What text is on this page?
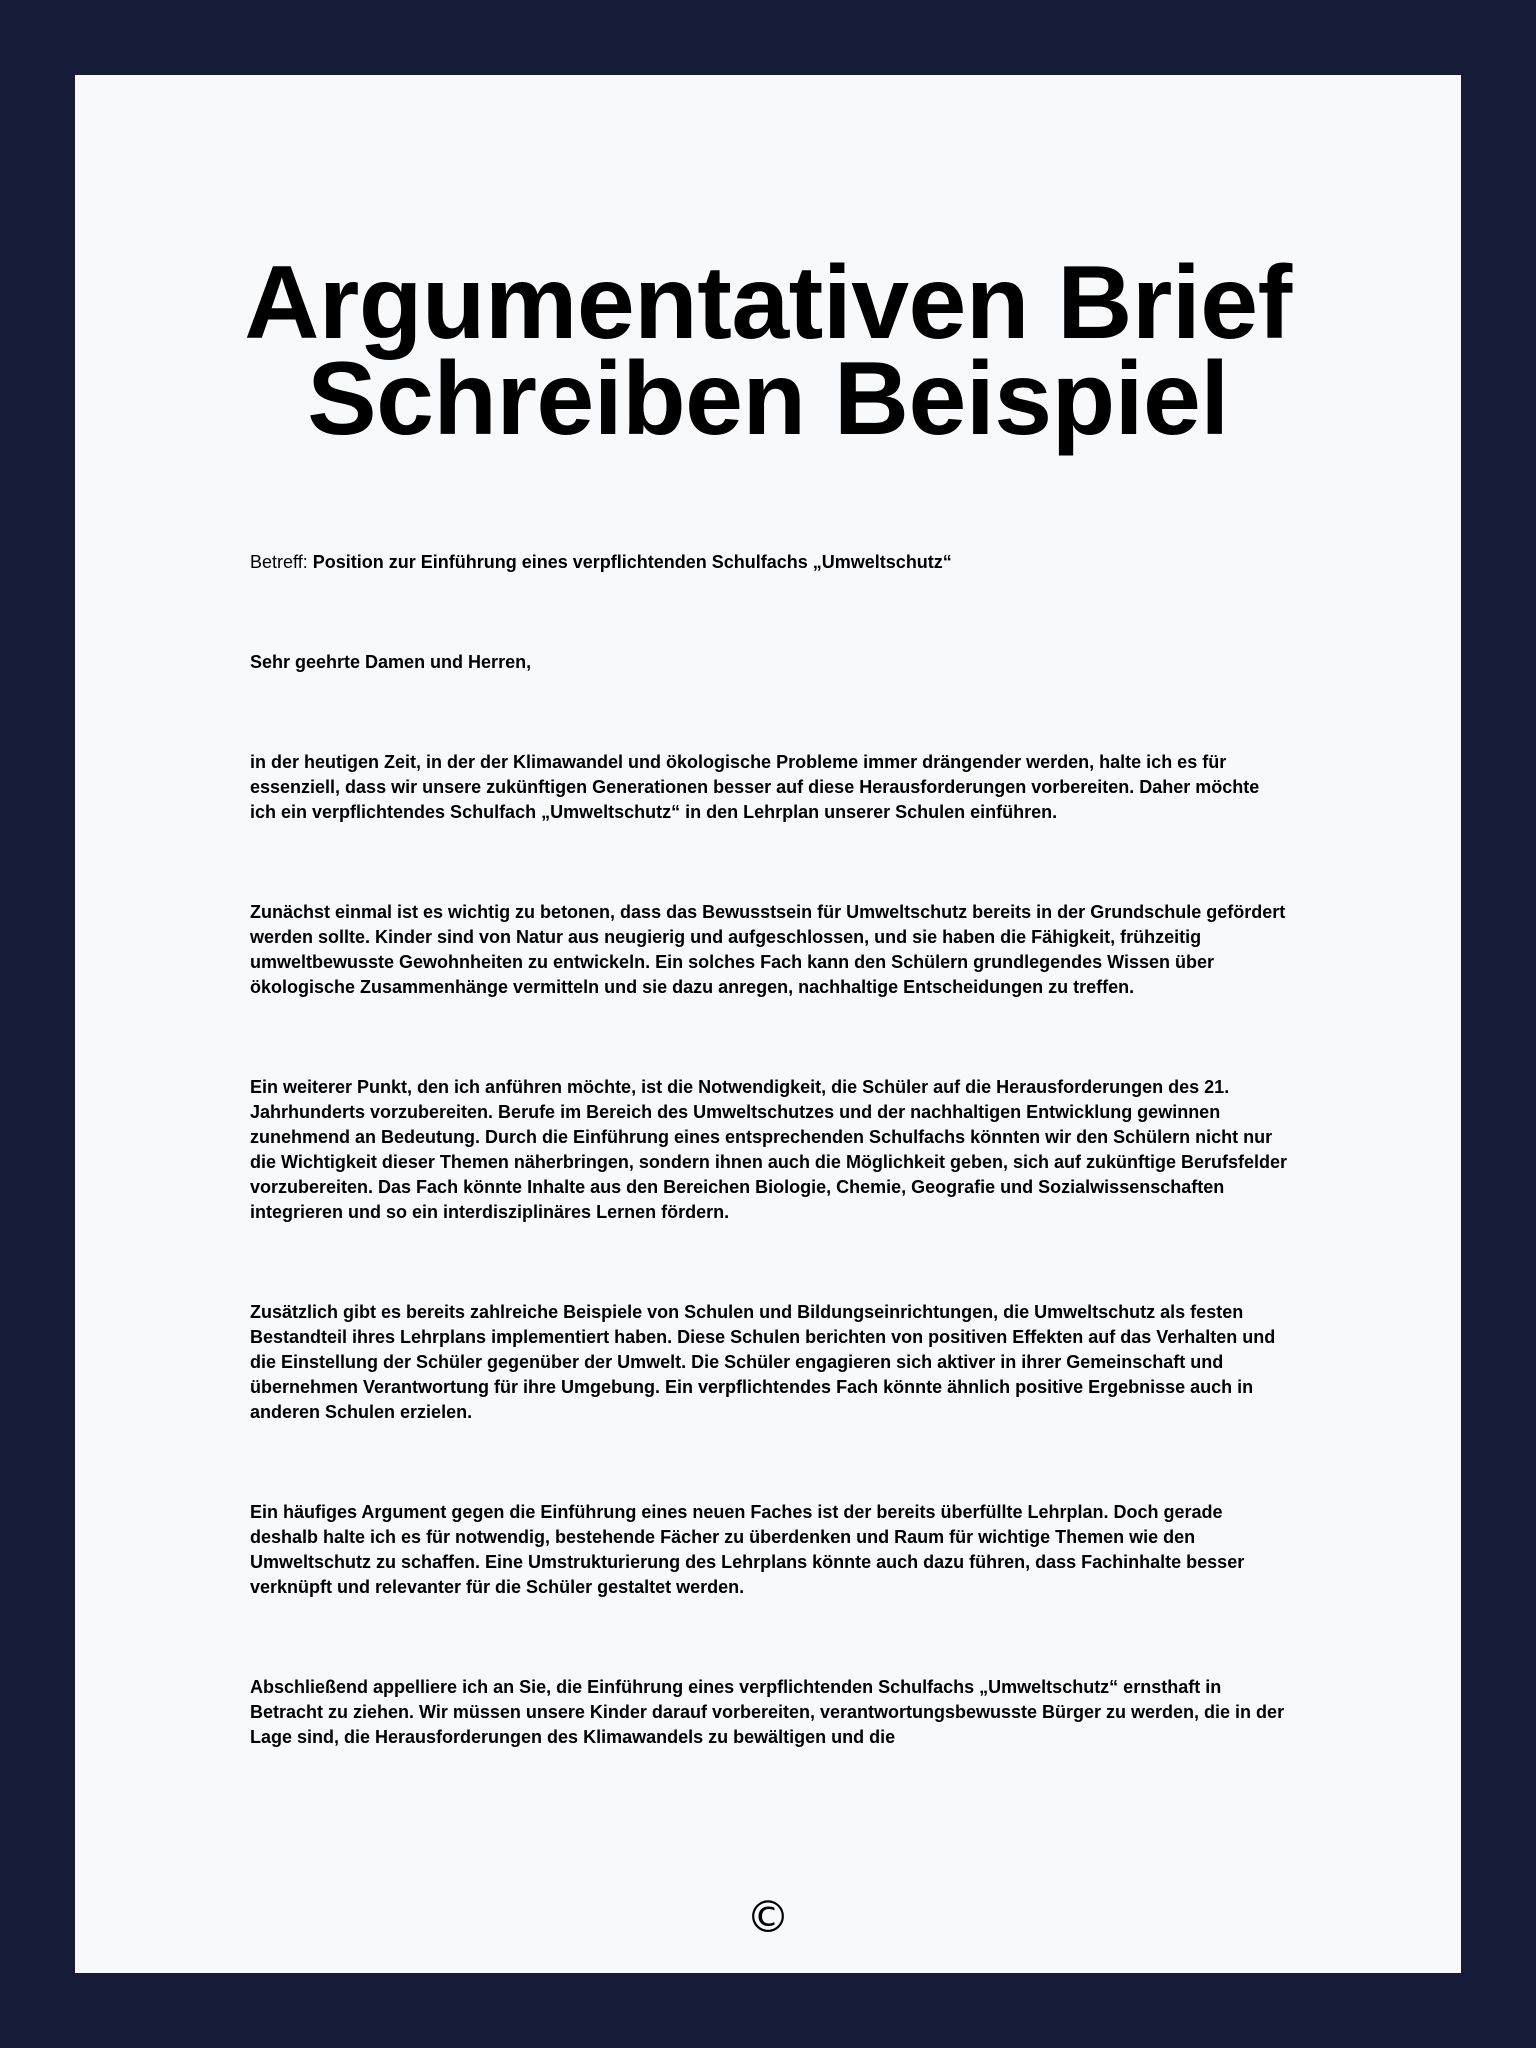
Argumentativen Brief
Schreiben Beispiel

Betreff: Position zur Einführung eines verpflichtenden Schulfachs „Umweltschutz“

Sehr geehrte Damen und Herren,

in der heutigen Zeit, in der der Klimawandel und ökologische Probleme immer drängender werden, halte ich es für essenziell, dass wir unsere zukünftigen Generationen besser auf diese Herausforderungen vorbereiten. Daher möchte ich ein verpflichtendes Schulfach „Umweltschutz“ in den Lehrplan unserer Schulen einführen.

Zunächst einmal ist es wichtig zu betonen, dass das Bewusstsein für Umweltschutz bereits in der Grundschule gefördert werden sollte. Kinder sind von Natur aus neugierig und aufgeschlossen, und sie haben die Fähigkeit, frühzeitig umweltbewusste Gewohnheiten zu entwickeln. Ein solches Fach kann den Schülern grundlegendes Wissen über ökologische Zusammenhänge vermitteln und sie dazu anregen, nachhaltige Entscheidungen zu treffen.

Ein weiterer Punkt, den ich anführen möchte, ist die Notwendigkeit, die Schüler auf die Herausforderungen des 21. Jahrhunderts vorzubereiten. Berufe im Bereich des Umweltschutzes und der nachhaltigen Entwicklung gewinnen zunehmend an Bedeutung. Durch die Einführung eines entsprechenden Schulfachs könnten wir den Schülern nicht nur die Wichtigkeit dieser Themen näherbringen, sondern ihnen auch die Möglichkeit geben, sich auf zukünftige Berufsfelder vorzubereiten. Das Fach könnte Inhalte aus den Bereichen Biologie, Chemie, Geografie und Sozialwissenschaften integrieren und so ein interdisziplinäres Lernen fördern.

Zusätzlich gibt es bereits zahlreiche Beispiele von Schulen und Bildungseinrichtungen, die Umweltschutz als festen Bestandteil ihres Lehrplans implementiert haben. Diese Schulen berichten von positiven Effekten auf das Verhalten und die Einstellung der Schüler gegenüber der Umwelt. Die Schüler engagieren sich aktiver in ihrer Gemeinschaft und übernehmen Verantwortung für ihre Umgebung. Ein verpflichtendes Fach könnte ähnlich positive Ergebnisse auch in anderen Schulen erzielen.

Ein häufiges Argument gegen die Einführung eines neuen Faches ist der bereits überfüllte Lehrplan. Doch gerade deshalb halte ich es für notwendig, bestehende Fächer zu überdenken und Raum für wichtige Themen wie den Umweltschutz zu schaffen. Eine Umstrukturierung des Lehrplans könnte auch dazu führen, dass Fachinhalte besser verknüpft und relevanter für die Schüler gestaltet werden.

Abschließend appelliere ich an Sie, die Einführung eines verpflichtenden Schulfachs „Umweltschutz“ ernsthaft in Betracht zu ziehen. Wir müssen unsere Kinder darauf vorbereiten, verantwortungsbewusste Bürger zu werden, die in der Lage sind, die Herausforderungen des Klimawandels zu bewältigen und die

©
